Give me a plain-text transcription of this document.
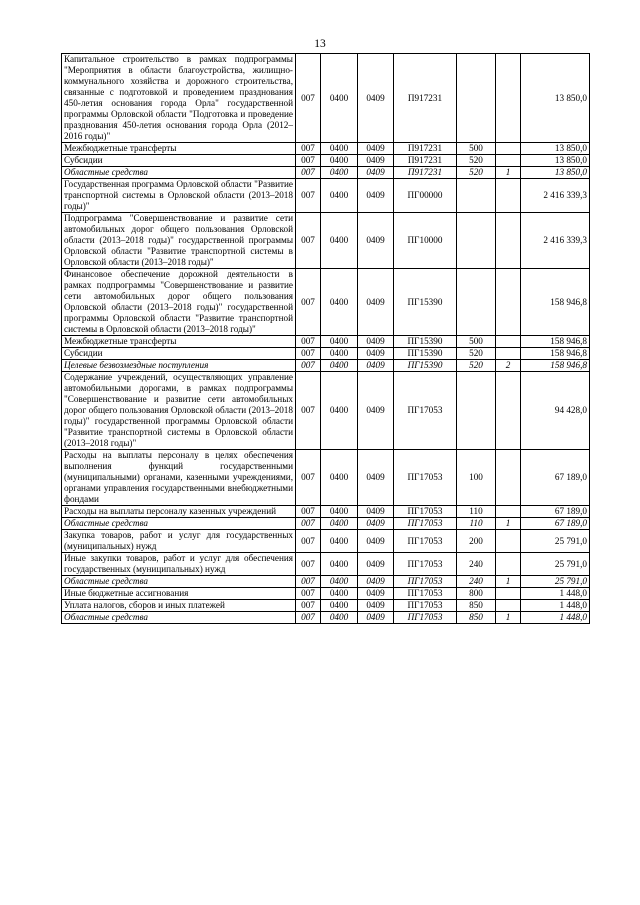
13
Капитальное строительство в рамках подпрограммы "Мероприятия в области благоустройства, жилищно-коммунального хозяйства и дорожного строительства, связанные с подготовкой и проведением празднования 450-летия основания города Орла" государственной программы Орловской области "Подготовка и проведение празднования 450-летия основания города Орла (2012–2016 годы)"	007	0400	0409	П917231			13 850,0
Межбюджетные трансферты	007	0400	0409	П917231	500		13 850,0
Субсидии	007	0400	0409	П917231	520		13 850,0
Областные средства	007	0400	0409	П917231	520	1	13 850,0
Государственная программа Орловской области "Развитие транспортной системы в Орловской области (2013–2018 годы)"	007	0400	0409	ПГ00000			2 416 339,3
Подпрограмма "Совершенствование и развитие сети автомобильных дорог общего пользования Орловской области (2013–2018 годы)" государственной программы Орловской области "Развитие транспортной системы в Орловской области (2013–2018 годы)"	007	0400	0409	ПГ10000			2 416 339,3
Финансовое обеспечение дорожной деятельности в рамках подпрограммы "Совершенствование и развитие сети автомобильных дорог общего пользования Орловской области (2013–2018 годы)" государственной программы Орловской области "Развитие транспортной системы в Орловской области (2013–2018 годы)"	007	0400	0409	ПГ15390			158 946,8
Межбюджетные трансферты	007	0400	0409	ПГ15390	500		158 946,8
Субсидии	007	0400	0409	ПГ15390	520		158 946,8
Целевые безвозмездные поступления	007	0400	0409	ПГ15390	520	2	158 946,8
Содержание учреждений, осуществляющих управление автомобильными дорогами, в рамках подпрограммы "Совершенствование и развитие сети автомобильных дорог общего пользования Орловской области (2013–2018 годы)" государственной программы Орловской области "Развитие транспортной системы в Орловской области (2013–2018 годы)"	007	0400	0409	ПГ17053			94 428,0
Расходы на выплаты персоналу в целях обеспечения выполнения функций государственными (муниципальными) органами, казенными учреждениями, органами управления государственными внебюджетными фондами	007	0400	0409	ПГ17053	100		67 189,0
Расходы на выплаты персоналу казенных учреждений	007	0400	0409	ПГ17053	110		67 189,0
Областные средства	007	0400	0409	ПГ17053	110	1	67 189,0
Закупка товаров, работ и услуг для государственных (муниципальных) нужд	007	0400	0409	ПГ17053	200		25 791,0
Иные закупки товаров, работ и услуг для обеспечения государственных (муниципальных) нужд	007	0400	0409	ПГ17053	240		25 791,0
Областные средства	007	0400	0409	ПГ17053	240	1	25 791,0
Иные бюджетные ассигнования	007	0400	0409	ПГ17053	800		1 448,0
Уплата налогов, сборов и иных платежей	007	0400	0409	ПГ17053	850		1 448,0
Областные средства	007	0400	0409	ПГ17053	850	1	1 448,0
